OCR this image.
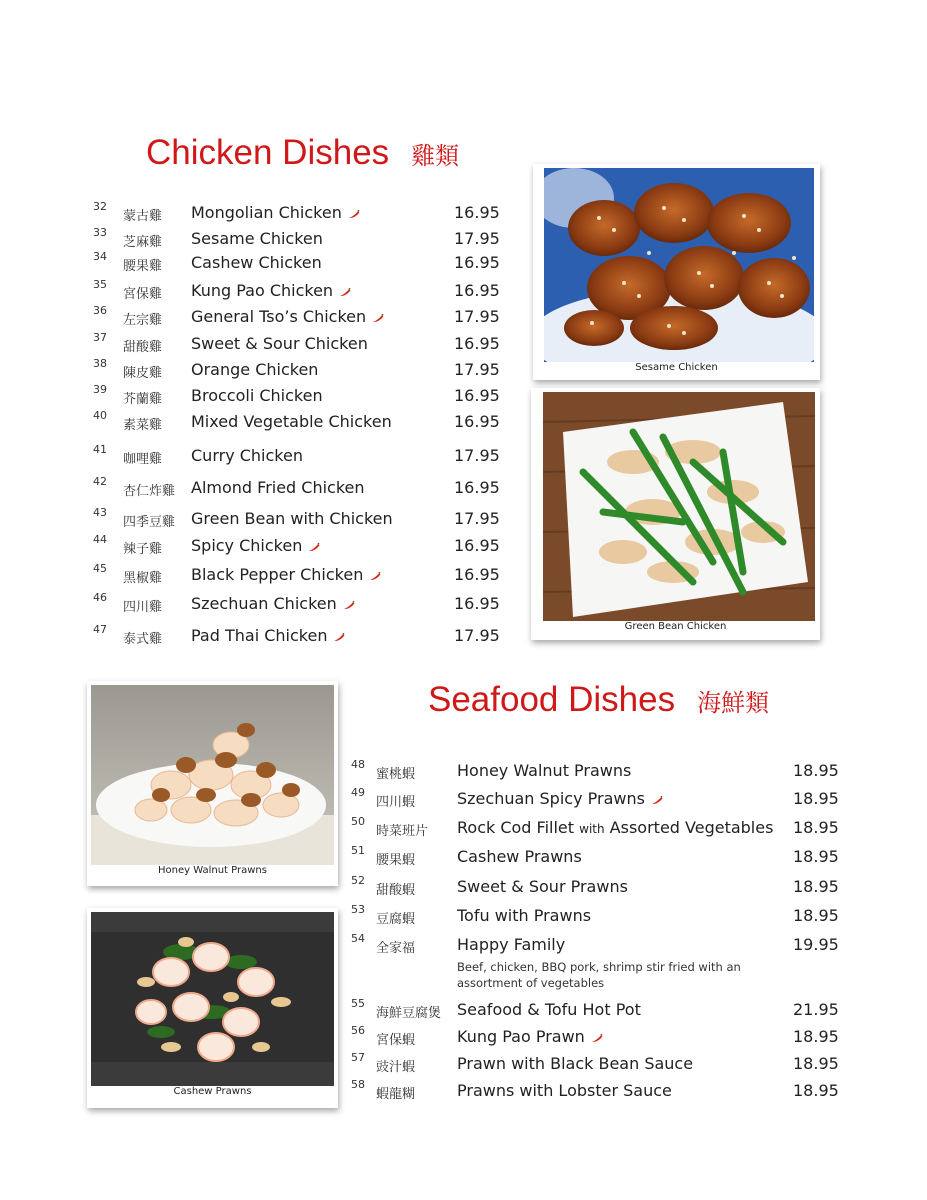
Chicken Dishes 雞類
Seafood Dishes 海鮮類
32
蒙古雞 Mongolian Chicken	16.95
33
芝麻雞 Sesame Chicken	17.95
34
腰果雞 Cashew Chicken	16.95
35
宮保雞 Kung Pao Chicken	16.95
36
左宗雞 General Tso’s Chicken	17.95
37
甜酸雞 Sweet & Sour Chicken	16.95
38
陳皮雞 Orange Chicken	17.95
39
芥蘭雞 Broccoli Chicken	16.95
40
素菜雞 Mixed Vegetable Chicken	16.95
41
咖哩雞 Curry Chicken	17.95
42
杏仁炸雞 Almond Fried Chicken	16.95
43
四季豆雞 Green Bean with Chicken	17.95
44
辣子雞 Spicy Chicken	16.95
45
黑椒雞 Black Pepper Chicken	16.95
46
四川雞 Szechuan Chicken	16.95
47
泰式雞 Pad Thai Chicken	17.95
48
蜜桃蝦	Honey Walnut Prawns	18.95
49
四川蝦	Szechuan Spicy Prawns	18.95
50
時菜班片 Rock Cod Fillet with Assorted Vegetables 18.95
51
腰果蝦	Cashew Prawns	18.95
52
甜酸蝦	Sweet & Sour Prawns	18.95
53
豆腐蝦	Tofu with Prawns	18.95
54
全家福	Happy Family	19.95
Beef, chicken, BBQ pork, shrimp stir fried with an assortment of vegetables
55
海鮮豆腐煲 Seafood & Tofu Hot Pot	21.95
56
宮保蝦	Kung Pao Prawn	18.95
57
豉汁蝦	Prawn with Black Bean Sauce	18.95
58
蝦龍糊	Prawns with Lobster Sauce	18.95
Sesame Chicken
Green Bean Chicken
Honey Walnut Prawns
Cashew Prawns
